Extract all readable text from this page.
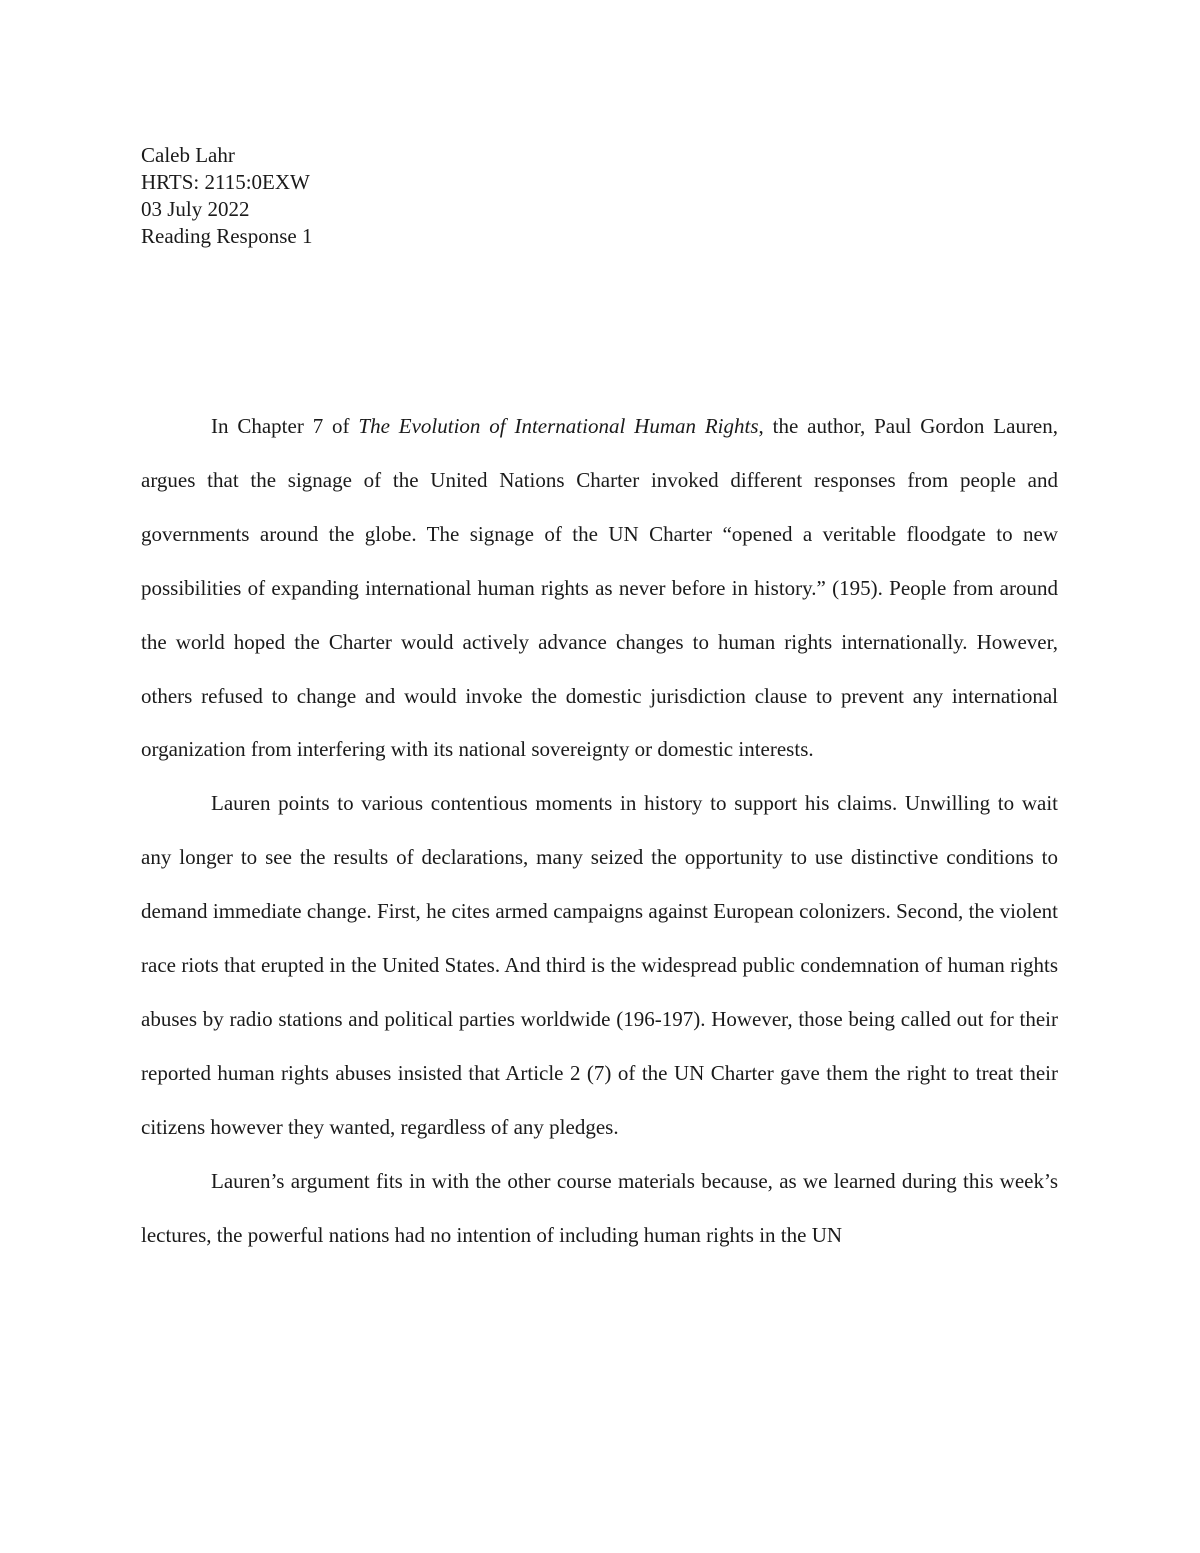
Caleb Lahr
HRTS: 2115:0EXW
03 July 2022
Reading Response 1

In Chapter 7 of The Evolution of International Human Rights, the author, Paul Gordon Lauren, argues that the signage of the United Nations Charter invoked different responses from people and governments around the globe. The signage of the UN Charter “opened a veritable floodgate to new possibilities of expanding international human rights as never before in history.” (195). People from around the world hoped the Charter would actively advance changes to human rights internationally. However, others refused to change and would invoke the domestic jurisdiction clause to prevent any international organization from interfering with its national sovereignty or domestic interests.

Lauren points to various contentious moments in history to support his claims. Unwilling to wait any longer to see the results of declarations, many seized the opportunity to use distinctive conditions to demand immediate change. First, he cites armed campaigns against European colonizers. Second, the violent race riots that erupted in the United States. And third is the widespread public condemnation of human rights abuses by radio stations and political parties worldwide (196-197). However, those being called out for their reported human rights abuses insisted that Article 2 (7) of the UN Charter gave them the right to treat their citizens however they wanted, regardless of any pledges.

Lauren’s argument fits in with the other course materials because, as we learned during this week’s lectures, the powerful nations had no intention of including human rights in the UN
